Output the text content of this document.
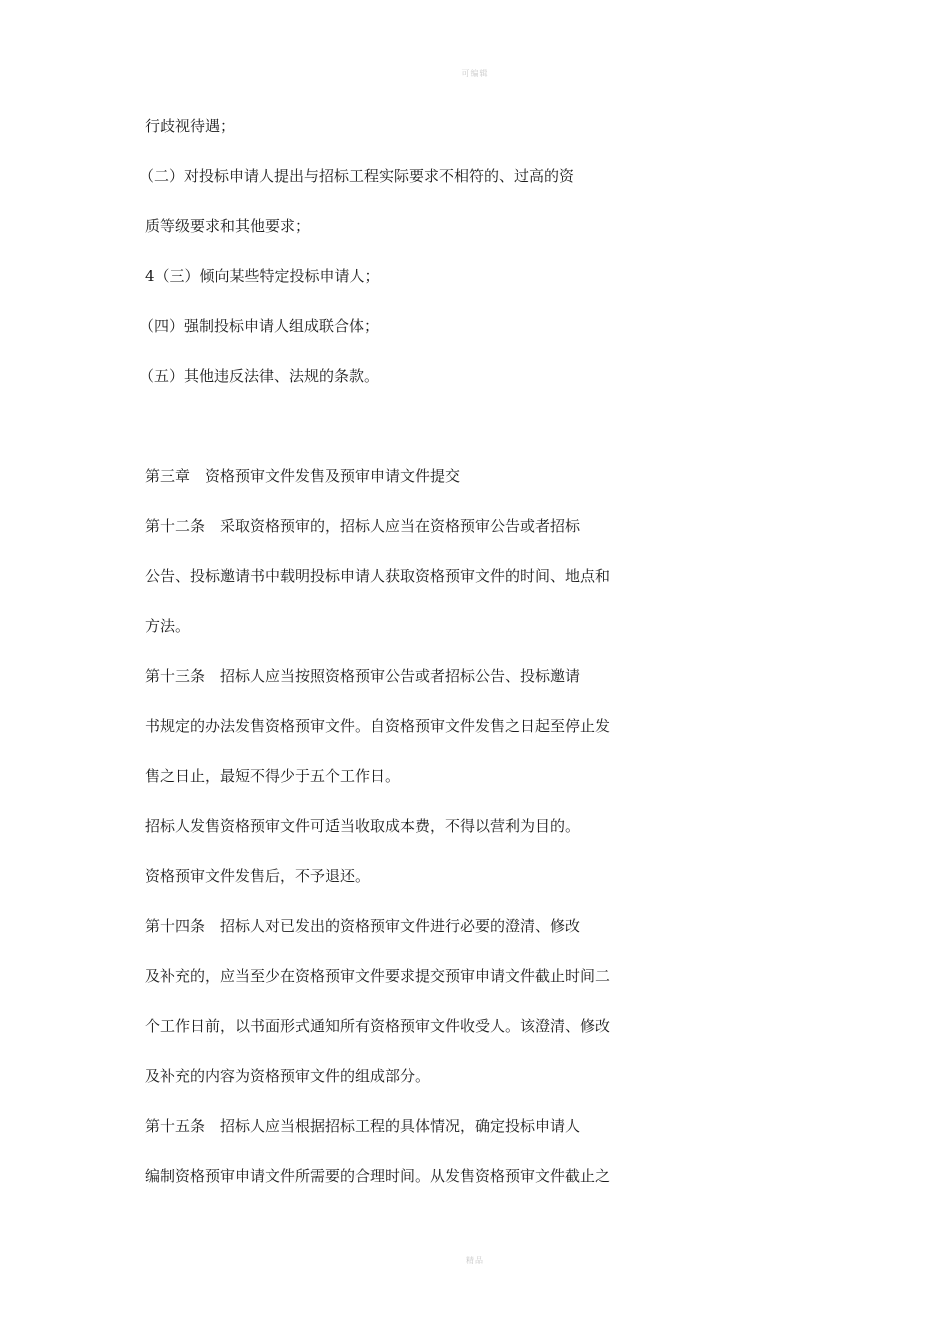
可编辑
行歧视待遇；
（二）对投标申请人提出与招标工程实际要求不相符的、过高的资
质等级要求和其他要求；
4（三）倾向某些特定投标申请人；
（四）强制投标申请人组成联合体；
（五）其他违反法律、法规的条款。
第三章　资格预审文件发售及预审申请文件提交
第十二条　采取资格预审的，招标人应当在资格预审公告或者招标
公告、投标邀请书中载明投标申请人获取资格预审文件的时间、地点和
方法。
第十三条　招标人应当按照资格预审公告或者招标公告、投标邀请
书规定的办法发售资格预审文件。自资格预审文件发售之日起至停止发
售之日止，最短不得少于五个工作日。
招标人发售资格预审文件可适当收取成本费，不得以营利为目的。
资格预审文件发售后，不予退还。
第十四条　招标人对已发出的资格预审文件进行必要的澄清、修改
及补充的，应当至少在资格预审文件要求提交预审申请文件截止时间二
个工作日前，以书面形式通知所有资格预审文件收受人。该澄清、修改
及补充的内容为资格预审文件的组成部分。
第十五条　招标人应当根据招标工程的具体情况，确定投标申请人
编制资格预审申请文件所需要的合理时间。从发售资格预审文件截止之
精品
